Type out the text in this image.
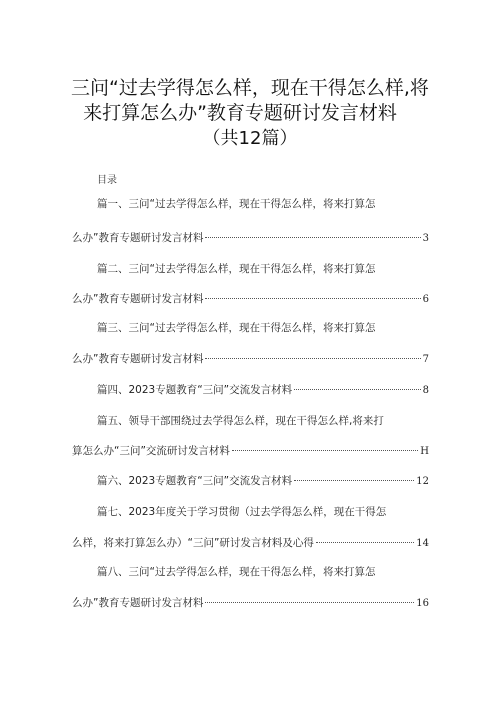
三问“过去学得怎么样，现在干得怎么样,将
来打算怎么办”教育专题研讨发言材料
（共12篇）
目录
篇一、三问“过去学得怎么样，现在干得怎么样，将来打算怎
么办”教育专题研讨发言材料	3
篇二、三问“过去学得怎么样，现在干得怎么样，将来打算怎
么办”教育专题研讨发言材料	6
篇三、三问“过去学得怎么样，现在干得怎么样，将来打算怎
么办”教育专题研讨发言材料	7
篇四、2023专题教育“三问”交流发言材料	8
篇五、领导干部围绕过去学得怎么样，现在干得怎么样,将来打
算怎么办“三问”交流研讨发言材料	H
篇六、2023专题教育“三问”交流发言材料	12
篇七、2023年度关于学习贯彻（过去学得怎么样，现在干得怎
么样，将来打算怎么办）“三问”研讨发言材料及心得	14
篇八、三问“过去学得怎么样，现在干得怎么样，将来打算怎
么办”教育专题研讨发言材料	16
